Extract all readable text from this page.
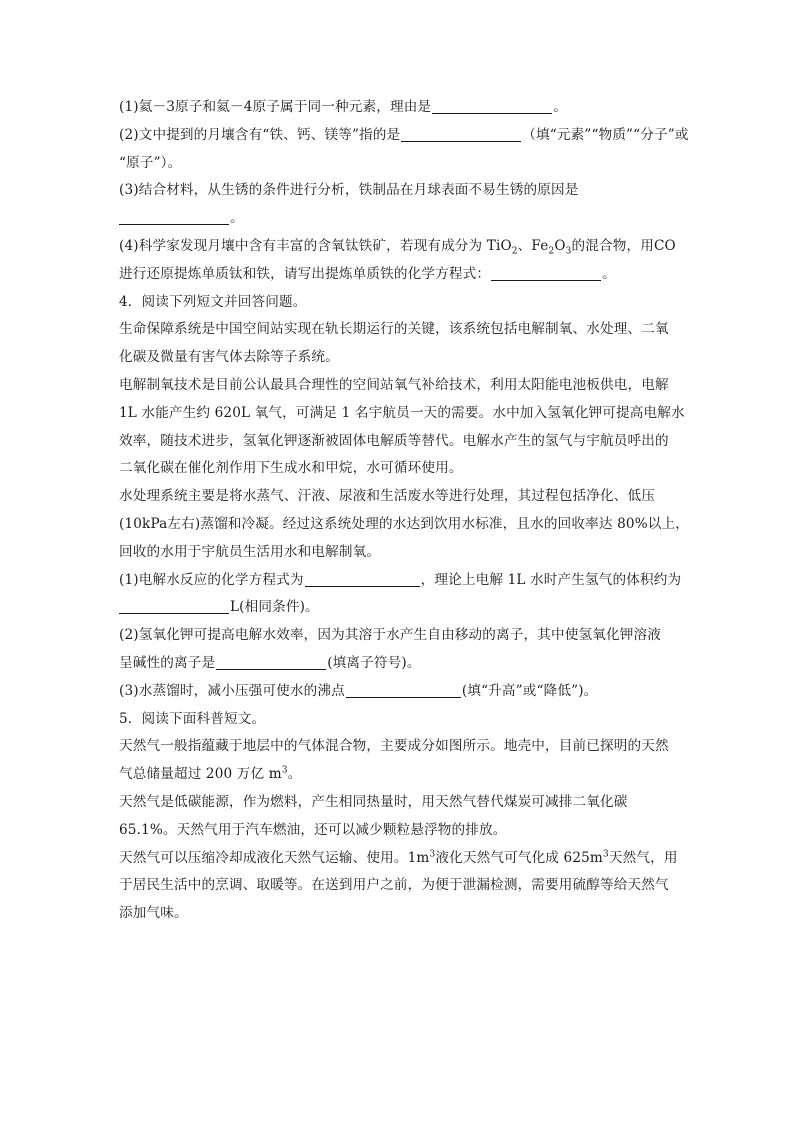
(1)氦－3原子和氦－4原子属于同一种元素，理由是	。
(2)文中提到的月壤含有“铁、钙、镁等”指的是	（填“元素”“物质”“分子”或
“原子”）。
(3)结合材料，从生锈的条件进行分析，铁制品在月球表面不易生锈的原因是
。
(4)科学家发现月壤中含有丰富的含氧钛铁矿，若现有成分为 TiO$_2$、$Fe_2O_3$的混合物，用CO
进行还原提炼单质钛和铁，请写出提炼单质铁的化学方程式：	。
4．阅读下列短文并回答问题。
生命保障系统是中国空间站实现在轨长期运行的关键，该系统包括电解制氧、水处理、二氧
化碳及微量有害气体去除等子系统。
电解制氧技术是目前公认最具合理性的空间站氧气补给技术，利用太阳能电池板供电，电解
1L 水能产生约 620L 氧气，可满足 1 名宇航员一天的需要。水中加入氢氧化钾可提高电解水
效率，随技术进步，氢氧化钾逐渐被固体电解质等替代。电解水产生的氢气与宇航员呼出的
二氧化碳在催化剂作用下生成水和甲烷，水可循环使用。
水处理系统主要是将水蒸气、汗液、尿液和生活废水等进行处理，其过程包括净化、低压
(10kPa左右)蒸馏和冷凝。经过这系统处理的水达到饮用水标准，且水的回收率达 80%以上，
回收的水用于宇航员生活用水和电解制氧。
(1)电解水反应的化学方程式为	，理论上电解 1L 水时产生氢气的体积约为
L(相同条件)。
(2)氢氧化钾可提高电解水效率，因为其溶于水产生自由移动的离子，其中使氢氧化钾溶液
呈碱性的离子是	(填离子符号)。
(3)水蒸馏时，减小压强可使水的沸点	(填“升高”或“降低”)。
5．阅读下面科普短文。
天然气一般指蕴藏于地层中的气体混合物，主要成分如图所示。地壳中，目前已探明的天然
气总储量超过 200 万亿 $m^3$。
天然气是低碳能源，作为燃料，产生相同热量时，用天然气替代煤炭可减排二氧化碳
65.1%。天然气用于汽车燃油，还可以减少颗粒悬浮物的排放。
天然气可以压缩冷却成液化天然气运输、使用。$1m^3$液化天然气可气化成 $625m^3$天然气，用
于居民生活中的烹调、取暖等。在送到用户之前，为便于泄漏检测，需要用硫醇等给天然气
添加气味。
